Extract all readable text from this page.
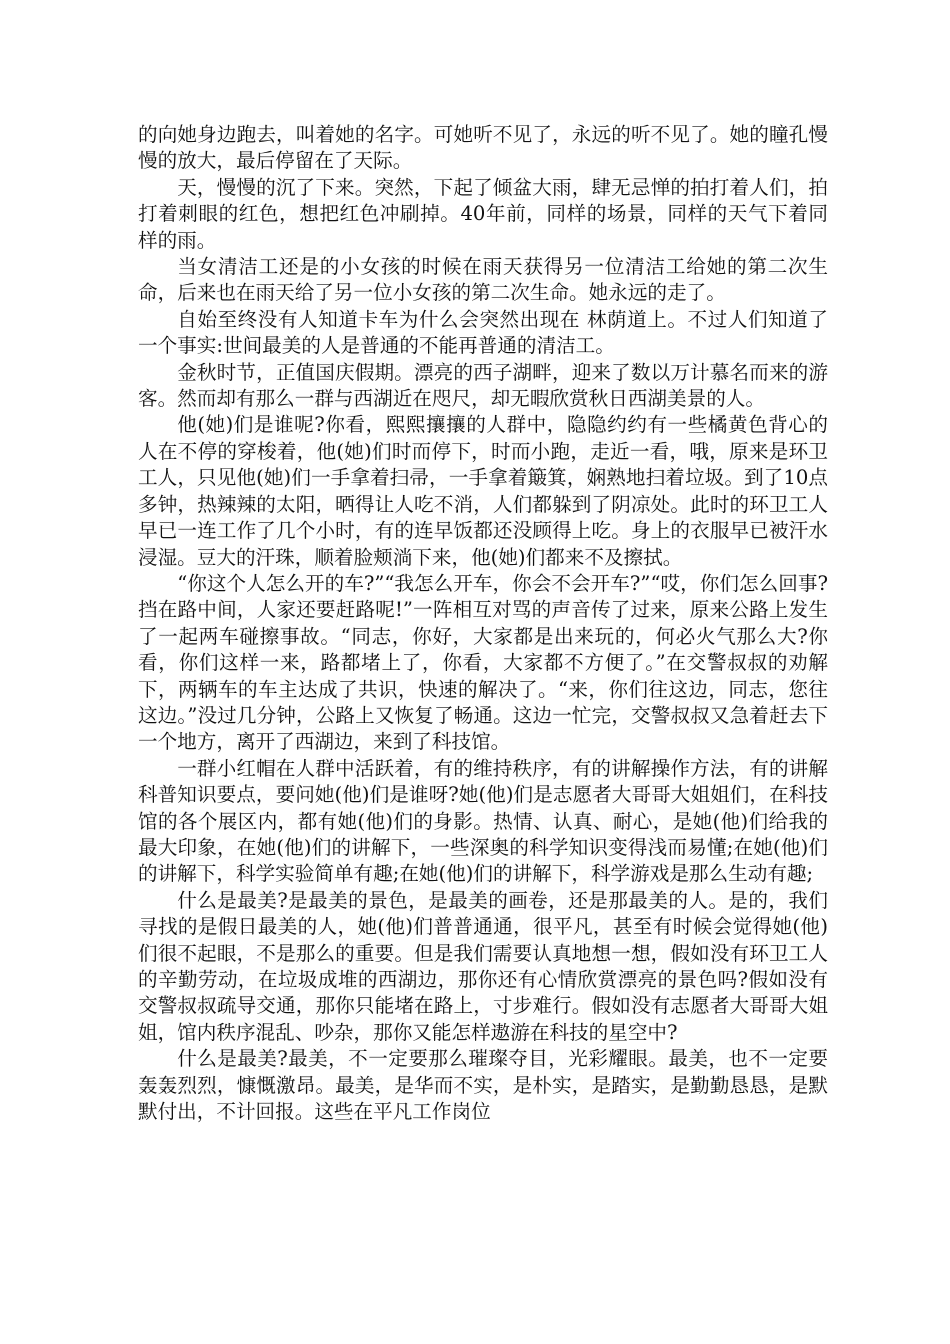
的向她身边跑去，叫着她的名字。可她听不见了，永远的听不见了。她的瞳孔慢慢的放大，最后停留在了天际。

天，慢慢的沉了下来。突然，下起了倾盆大雨，肆无忌惮的拍打着人们，拍打着刺眼的红色，想把红色冲刷掉。40年前，同样的场景，同样的天气下着同样的雨。

当女清洁工还是的小女孩的时候在雨天获得另一位清洁工给她的第二次生命，后来也在雨天给了另一位小女孩的第二次生命。她永远的走了。

自始至终没有人知道卡车为什么会突然出现在 林荫道上。不过人们知道了一个事实:世间最美的人是普通的不能再普通的清洁工。

金秋时节，正值国庆假期。漂亮的西子湖畔，迎来了数以万计慕名而来的游客。然而却有那么一群与西湖近在咫尺，却无暇欣赏秋日西湖美景的人。

他(她)们是谁呢?你看，熙熙攘攘的人群中，隐隐约约有一些橘黄色背心的人在不停的穿梭着，他(她)们时而停下，时而小跑，走近一看，哦，原来是环卫工人，只见他(她)们一手拿着扫帚，一手拿着簸箕，娴熟地扫着垃圾。到了10点多钟，热辣辣的太阳，晒得让人吃不消，人们都躲到了阴凉处。此时的环卫工人早已一连工作了几个小时，有的连早饭都还没顾得上吃。身上的衣服早已被汗水浸湿。豆大的汗珠，顺着脸颊淌下来，他(她)们都来不及擦拭。

“你这个人怎么开的车?”“我怎么开车，你会不会开车?”“哎，你们怎么回事?挡在路中间，人家还要赶路呢!”一阵相互对骂的声音传了过来，原来公路上发生了一起两车碰擦事故。“同志，你好，大家都是出来玩的，何必火气那么大?你看，你们这样一来，路都堵上了，你看，大家都不方便了。”在交警叔叔的劝解下，两辆车的车主达成了共识，快速的解决了。“来，你们往这边，同志，您往这边。”没过几分钟，公路上又恢复了畅通。这边一忙完，交警叔叔又急着赶去下一个地方，离开了西湖边，来到了科技馆。

一群小红帽在人群中活跃着，有的维持秩序，有的讲解操作方法，有的讲解科普知识要点，要问她(他)们是谁呀?她(他)们是志愿者大哥哥大姐姐们，在科技馆的各个展区内，都有她(他)们的身影。热情、认真、耐心，是她(他)们给我的最大印象，在她(他)们的讲解下，一些深奥的科学知识变得浅而易懂;在她(他)们的讲解下，科学实验简单有趣;在她(他)们的讲解下，科学游戏是那么生动有趣;

什么是最美?是最美的景色，是最美的画卷，还是那最美的人。是的，我们寻找的是假日最美的人，她(他)们普普通通，很平凡，甚至有时候会觉得她(他)们很不起眼，不是那么的重要。但是我们需要认真地想一想，假如没有环卫工人的辛勤劳动，在垃圾成堆的西湖边，那你还有心情欣赏漂亮的景色吗?假如没有交警叔叔疏导交通，那你只能堵在路上，寸步难行。假如没有志愿者大哥哥大姐姐，馆内秩序混乱、吵杂，那你又能怎样遨游在科技的星空中?

什么是最美?最美，不一定要那么璀璨夺目，光彩耀眼。最美，也不一定要轰轰烈烈，慷慨激昂。最美，是华而不实，是朴实，是踏实，是勤勤恳恳，是默默付出，不计回报。这些在平凡工作岗位
